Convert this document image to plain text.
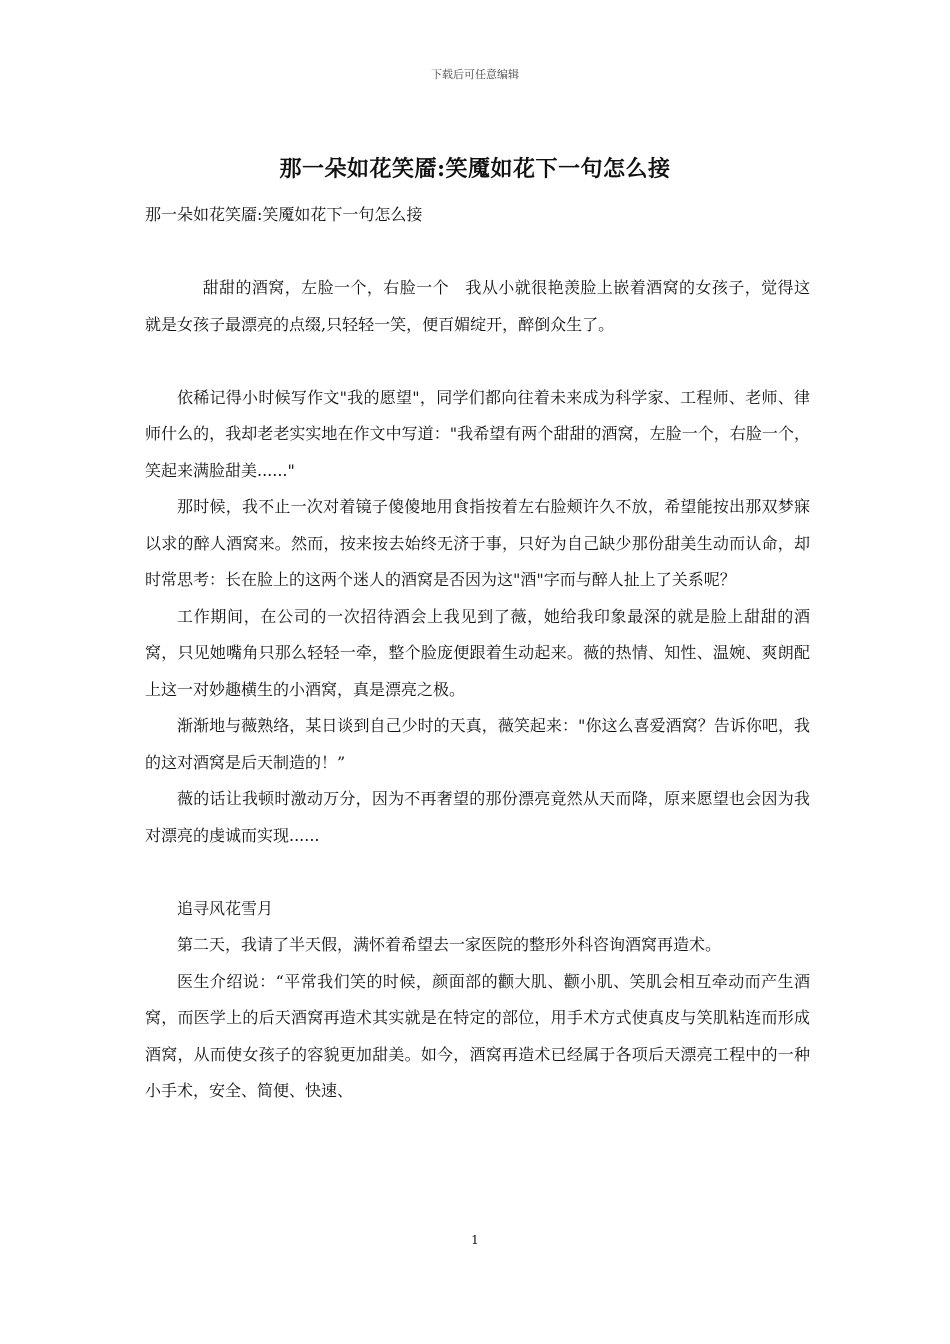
下载后可任意编辑
那一朵如花笑靥:笑魇如花下一句怎么接

那一朵如花笑靥:笑魇如花下一句怎么接

甜甜的酒窝，左脸一个，右脸一个　我从小就很艳羡脸上嵌着酒窝的女孩子，觉得这就是女孩子最漂亮的点缀,只轻轻一笑，便百媚绽开，醉倒众生了。

依稀记得小时候写作文"我的愿望"，同学们都向往着未来成为科学家、工程师、老师、律师什么的，我却老老实实地在作文中写道："我希望有两个甜甜的酒窝，左脸一个，右脸一个，笑起来满脸甜美......"

那时候，我不止一次对着镜子傻傻地用食指按着左右脸颊许久不放，希望能按出那双梦寐以求的醉人酒窝来。然而，按来按去始终无济于事，只好为自己缺少那份甜美生动而认命，却时常思考：长在脸上的这两个迷人的酒窝是否因为这"酒"字而与醉人扯上了关系呢？

工作期间，在公司的一次招待酒会上我见到了薇，她给我印象最深的就是脸上甜甜的酒窝，只见她嘴角只那么轻轻一牵，整个脸庞便跟着生动起来。薇的热情、知性、温婉、爽朗配上这一对妙趣横生的小酒窝，真是漂亮之极。

渐渐地与薇熟络，某日谈到自己少时的天真，薇笑起来："你这么喜爱酒窝？告诉你吧，我的这对酒窝是后天制造的！”

薇的话让我顿时激动万分，因为不再奢望的那份漂亮竟然从天而降，原来愿望也会因为我对漂亮的虔诚而实现......

追寻风花雪月

第二天，我请了半天假，满怀着希望去一家医院的整形外科咨询酒窝再造术。

医生介绍说：“平常我们笑的时候，颜面部的颧大肌、颧小肌、笑肌会相互牵动而产生酒窝，而医学上的后天酒窝再造术其实就是在特定的部位，用手术方式使真皮与笑肌粘连而形成酒窝，从而使女孩子的容貌更加甜美。如今，酒窝再造术已经属于各项后天漂亮工程中的一种小手术，安全、简便、快速、

1
